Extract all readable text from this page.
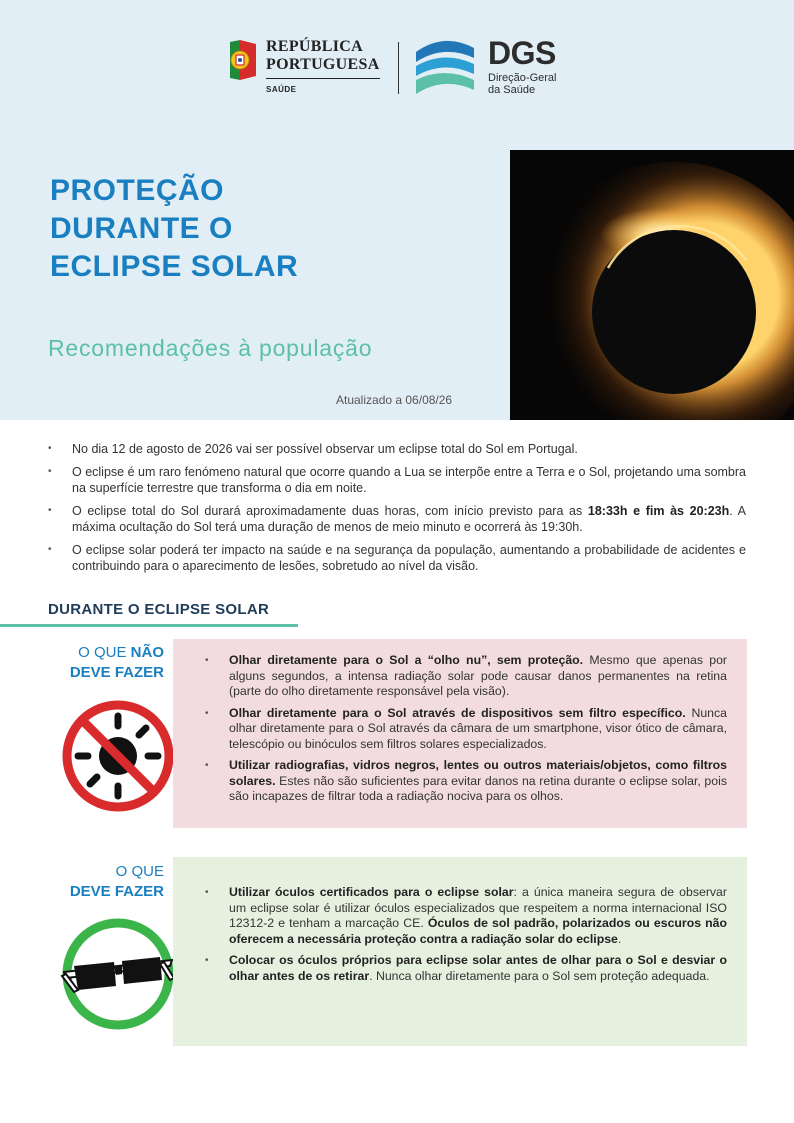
REPÚBLICA
PORTUGUESA
SAÚDE
DGS
Direção-Geral
da Saúde
PROTEÇÃO
DURANTE O
ECLIPSE SOLAR
Recomendações à população
Atualizado a 06/08/26
• No dia 12 de agosto de 2026 vai ser possível observar um eclipse total do Sol em Portugal.
• O eclipse é um raro fenómeno natural que ocorre quando a Lua se interpõe entre a Terra e o Sol, projetando uma sombra na superfície terrestre que transforma o dia em noite.
• O eclipse total do Sol durará aproximadamente duas horas, com início previsto para as 18:33h e fim às 20:23h. A máxima ocultação do Sol terá uma duração de menos de meio minuto e ocorrerá às 19:30h.
• O eclipse solar poderá ter impacto na saúde e na segurança da população, aumentando a probabilidade de acidentes e contribuindo para o aparecimento de lesões, sobretudo ao nível da visão.
DURANTE O ECLIPSE SOLAR
O QUE NÃO
DEVE FAZER
• Olhar diretamente para o Sol a “olho nu”, sem proteção. Mesmo que apenas por alguns segundos, a intensa radiação solar pode causar danos permanentes na retina (parte do olho diretamente responsável pela visão).
• Olhar diretamente para o Sol através de dispositivos sem filtro específico. Nunca olhar diretamente para o Sol através da câmara de um smartphone, visor ótico de câmara, telescópio ou binóculos sem filtros solares especializados.
• Utilizar radiografias, vidros negros, lentes ou outros materiais/objetos, como filtros solares. Estes não são suficientes para evitar danos na retina durante o eclipse solar, pois são incapazes de filtrar toda a radiação nociva para os olhos.
O QUE
DEVE FAZER
•	Utilizar óculos certificados para o eclipse solar: a única maneira segura de observar um eclipse solar é utilizar óculos especializados que respeitem a norma internacional ISO 12312-2 e tenham a marcação CE. Óculos de sol padrão, polarizados ou escuros não oferecem a necessária proteção contra a radiação solar do eclipse.
• Colocar os óculos próprios para eclipse solar antes de olhar para o Sol e desviar o olhar antes de os retirar. Nunca olhar diretamente para o Sol sem proteção adequada.
